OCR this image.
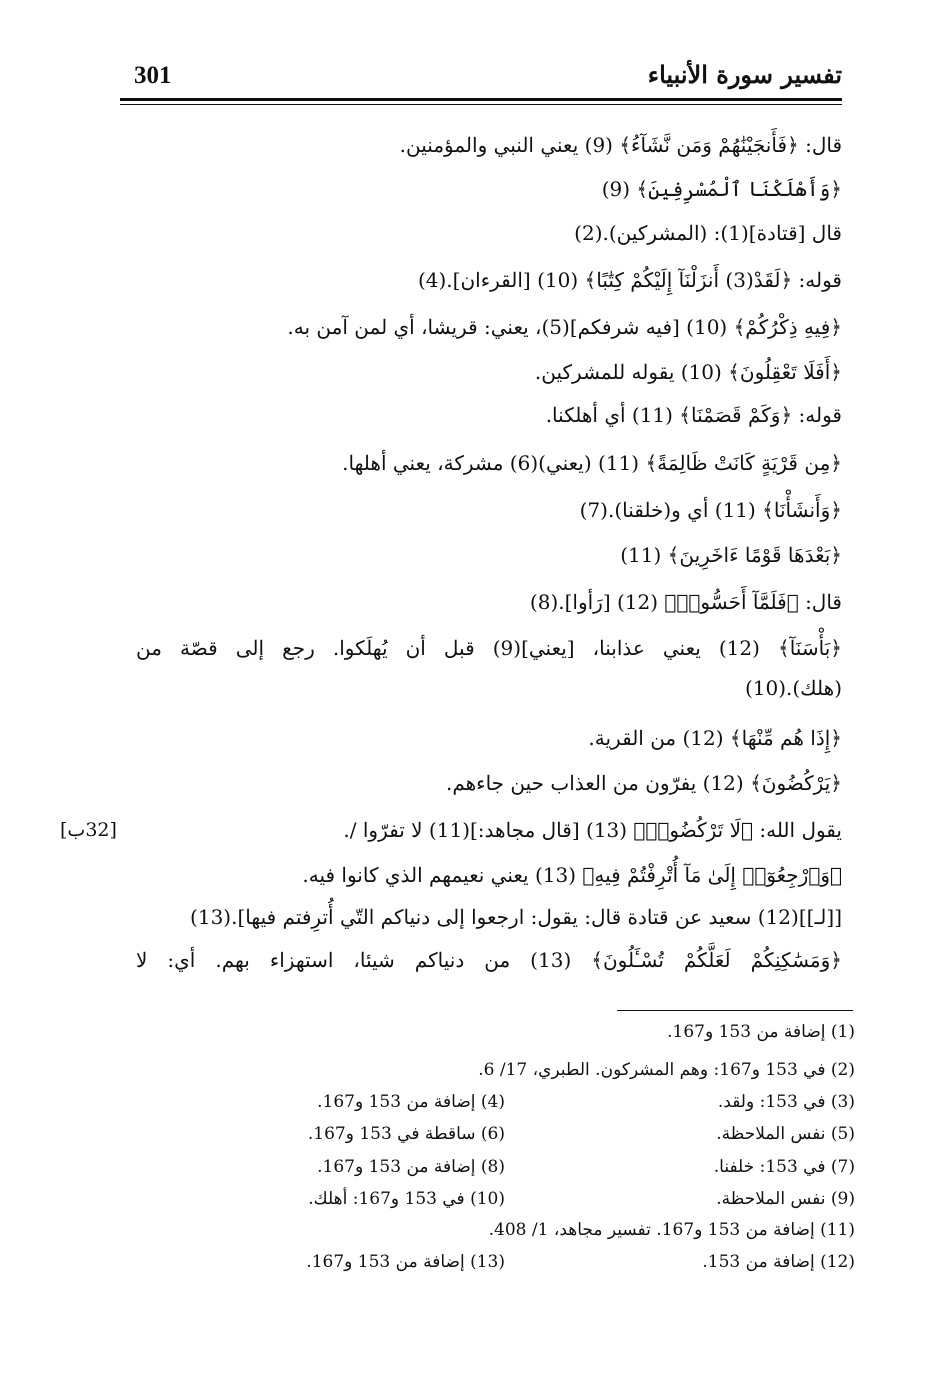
301	تفسير سورة الأنبياء
قال: ﴿فَأَنجَيْنَٰهُمْ وَمَن نَّشَآءُ﴾ (9) يعني النبي والمؤمنين.
﴿وَأَهْلَكْنَا ٱلْمُسْرِفِينَ﴾ (9)
قال [قتادة](1): (المشركين).(2)
قوله: ﴿لَقَدْ(3) أَنزَلْنَآ إِلَيْكُمْ كِتَٰبًا﴾ (10) [القرءان].(4)
﴿فِيهِ ذِكْرُكُمْ﴾ (10) [فيه شرفكم](5)، يعني: قريشا، أي لمن آمن به.
﴿أَفَلَا تَعْقِلُونَ﴾ (10) يقوله للمشركين.
قوله: ﴿وَكَمْ قَصَمْنَا﴾ (11) أي أهلكنا.
﴿مِن قَرْيَةٍ كَانَتْ ظَالِمَةً﴾ (11) (يعني)(6) مشركة، يعني أهلها.
﴿وَأَنشَأْنَا﴾ (11) أي و(خلقنا).(7)
﴿بَعْدَهَا قَوْمًا ءَاخَرِينَ﴾ (11)
قال: ﴿فَلَمَّآ أَحَسُّوا۟﴾ (12) [رَأوا].(8)
﴿بَأْسَنَآ﴾ (12) يعني عذابنا، [يعني](9) قبل أن يُهلَكوا. رجع إلى قصّة من
(هلك).(10)
﴿إِذَا هُم مِّنْهَا﴾ (12) من القرية.
﴿يَرْكُضُونَ﴾ (12) يفرّون من العذاب حين جاءهم.
يقول الله: ﴿لَا تَرْكُضُوا۟﴾ (13) [قال مجاهد:](11) لا تفرّوا /.
﴿وَٱرْجِعُوٓا۟ إِلَىٰ مَآ أُتْرِفْتُمْ فِيهِ﴾ (13) يعني نعيمهم الذي كانوا فيه.
[[لـ]](12) سعيد عن قتادة قال: يقول: ارجعوا إلى دنياكم التّي أُترِفتم فيها].(13)
﴿وَمَسَٰكِنِكُمْ لَعَلَّكُمْ تُسْـَٔلُونَ﴾ (13) من دنياكم شيئا، استهزاء بهم. أي: لا
[32ب]
(1) إضافة من 153 و167.
(2) في 153 و167: وهم المشركون. الطبري، 17/ 6.
(3) في 153: ولقد.
(4) إضافة من 153 و167.
(5) نفس الملاحظة.
(6) ساقطة في 153 و167.
(7) في 153: خلفنا.
(8) إضافة من 153 و167.
(9) نفس الملاحظة.
(10) في 153 و167: أهلك.
(11) إضافة من 153 و167. تفسير مجاهد، 1/ 408.
(12) إضافة من 153.
(13) إضافة من 153 و167.
